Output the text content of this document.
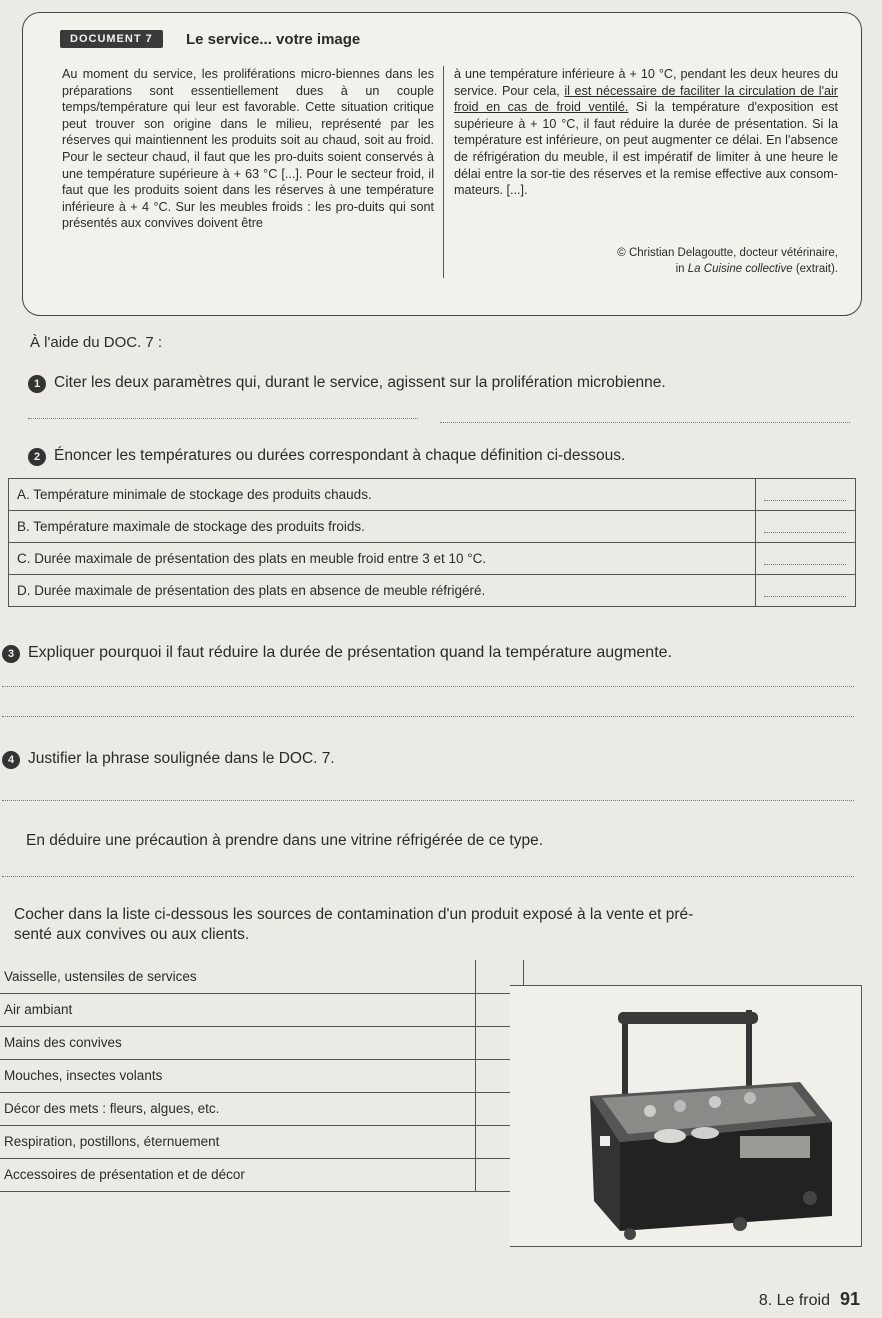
DOCUMENT 7	Le service... votre image
Au moment du service, les proliférations micro-biennes dans les préparations sont essentiellement dues à un couple temps/température qui leur est favorable. Cette situation critique peut trouver son origine dans le milieu, représenté par les réserves qui maintiennent les produits soit au chaud, soit au froid. Pour le secteur chaud, il faut que les pro-duits soient conservés à une température supérieure à + 63 °C [...]. Pour le secteur froid, il faut que les produits soient dans les réserves à une température inférieure à + 4 °C. Sur les meubles froids : les pro-duits qui sont présentés aux convives doivent être
à une température inférieure à + 10 °C, pendant les deux heures du service. Pour cela, il est nécessaire de faciliter la circulation de l'air froid en cas de froid ventilé. Si la température d'exposition est supérieure à + 10 °C, il faut réduire la durée de présentation. Si la température est inférieure, on peut augmenter ce délai. En l'absence de réfrigération du meuble, il est impératif de limiter à une heure le délai entre la sor-tie des réserves et la remise effective aux consom-mateurs. [...].
© Christian Delagoutte, docteur vétérinaire,
in La Cuisine collective (extrait).
À l'aide du DOC. 7 :
1 Citer les deux paramètres qui, durant le service, agissent sur la prolifération microbienne.
2 Énoncer les températures ou durées correspondant à chaque définition ci-dessous.
A. Température minimale de stockage des produits chauds.	

B. Température maximale de stockage des produits froids.	

C. Durée maximale de présentation des plats en meuble froid entre 3 et 10 °C.	

D. Durée maximale de présentation des plats en absence de meuble réfrigéré.	
3 Expliquer pourquoi il faut réduire la durée de présentation quand la température augmente.
4 Justifier la phrase soulignée dans le DOC. 7.
En déduire une précaution à prendre dans une vitrine réfrigérée de ce type.
Cocher dans la liste ci-dessous les sources de contamination d'un produit exposé à la vente et pré-
senté aux convives ou aux clients.
Vaisselle, ustensiles de services	
Air ambiant	
Mains des convives	
Mouches, insectes volants	
Décor des mets : fleurs, algues, etc.	
Respiration, postillons, éternuement	
Accessoires de présentation et de décor	
8. Le froid 91
